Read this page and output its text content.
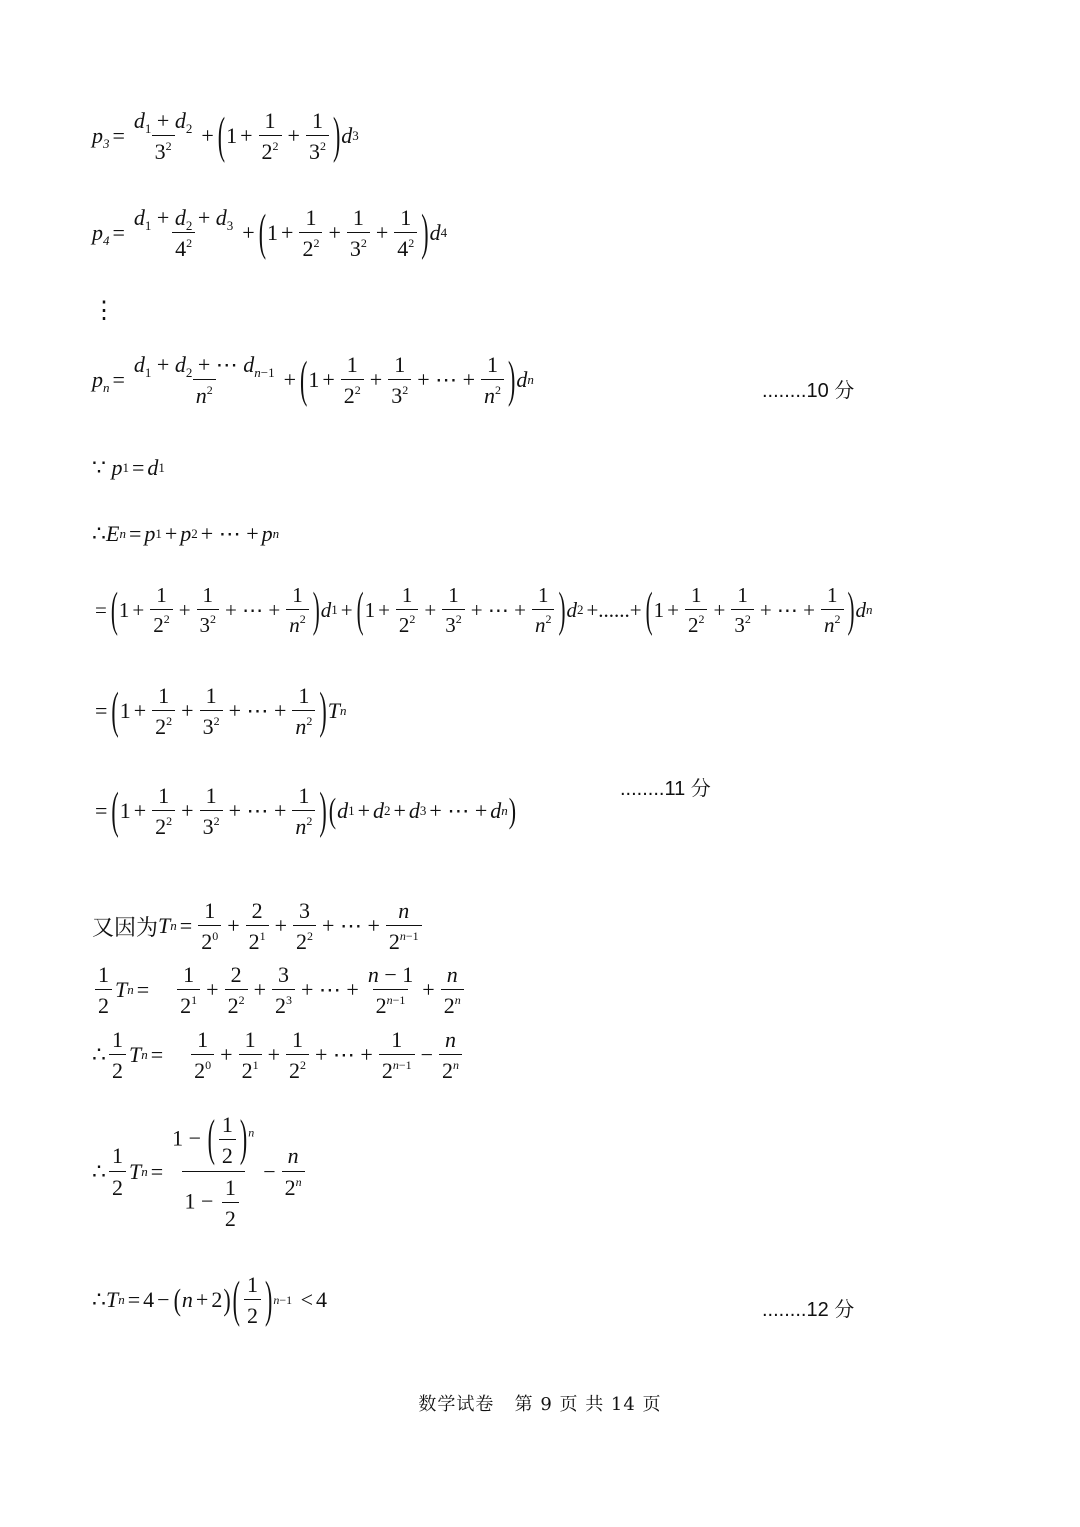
$p_3 = \frac{d_1 + d_2}{3^2}$ + ( $1 + \frac{1}{2^2} + \frac{1}{3^2}$ ) d 3
$p_4 = \frac{d_1 + d_2 + d_3}{4^2}$ + ( $1 + \frac{1}{2^2} + \frac{1}{3^2} + \frac{1}{4^2}$ ) d 4
⋮
$p_n = \frac{d_1 + d_2 + \cdots d_{n-1}}{n^2}$ + ( $1 + \frac{1}{2^2} + \frac{1}{3^2}$ + ⋯ + $\frac{1}{n^2}$ ) d n
........10 分
∵
p 1 = d 1
∴ E n = p 1 + p 2 + ⋯ + p n
= ( $1 + \frac{1}{2^2} + \frac{1}{3^2}$ + ⋯ + $\frac{1}{n^2}$ ) d 1 + ( $1 + \frac{1}{2^2} + \frac{1}{3^2}$ + ⋯ + $\frac{1}{n^2}$ ) d 2 +......+ ( $1 + \frac{1}{2^2} + \frac{1}{3^2}$ + ⋯ + $\frac{1}{n^2}$ ) d n
= ( $1 + \frac{1}{2^2} + \frac{1}{3^2}$ + ⋯ + $\frac{1}{n^2}$ ) T n
= ( $1 + \frac{1}{2^2} + \frac{1}{3^2}$ + ⋯ + $\frac{1}{n^2}$ ) ( d 1 + d 2 + d 3 + ⋯ + d n )
........11 分
又因为 T $n = \frac{1}{2^0} + \frac{2}{2^1} + \frac{3}{2^2}$ + ⋯ + $\frac{n}{2^{n-1}}$
$\frac{1}{2}$ T n =
$\frac{1}{2^1} + \frac{2}{2^2} + \frac{3}{2^3}$ + ⋯ + $\frac{n - 1}{2^{n-1}} + \frac{n}{2^n}$
∴ $\frac{1}{2}$ T n =
$\frac{1}{2^0} + \frac{1}{2^1} + \frac{1}{2^2}$ + ⋯ + $\frac{1}{2^{n-1}} - \frac{n}{2^n}$
∴ $\frac{1}{2}$ T $n = \frac{1 - ( \frac{1}{2} )^n}{1 - \frac{1}{2}} - \frac{n}{2^n}$
∴ T n = 4 − ( n + 2 ) ( $\frac{1}{2}$ ) n−1 < 4	........12 分
数学试卷 第 9 页 共 14 页
